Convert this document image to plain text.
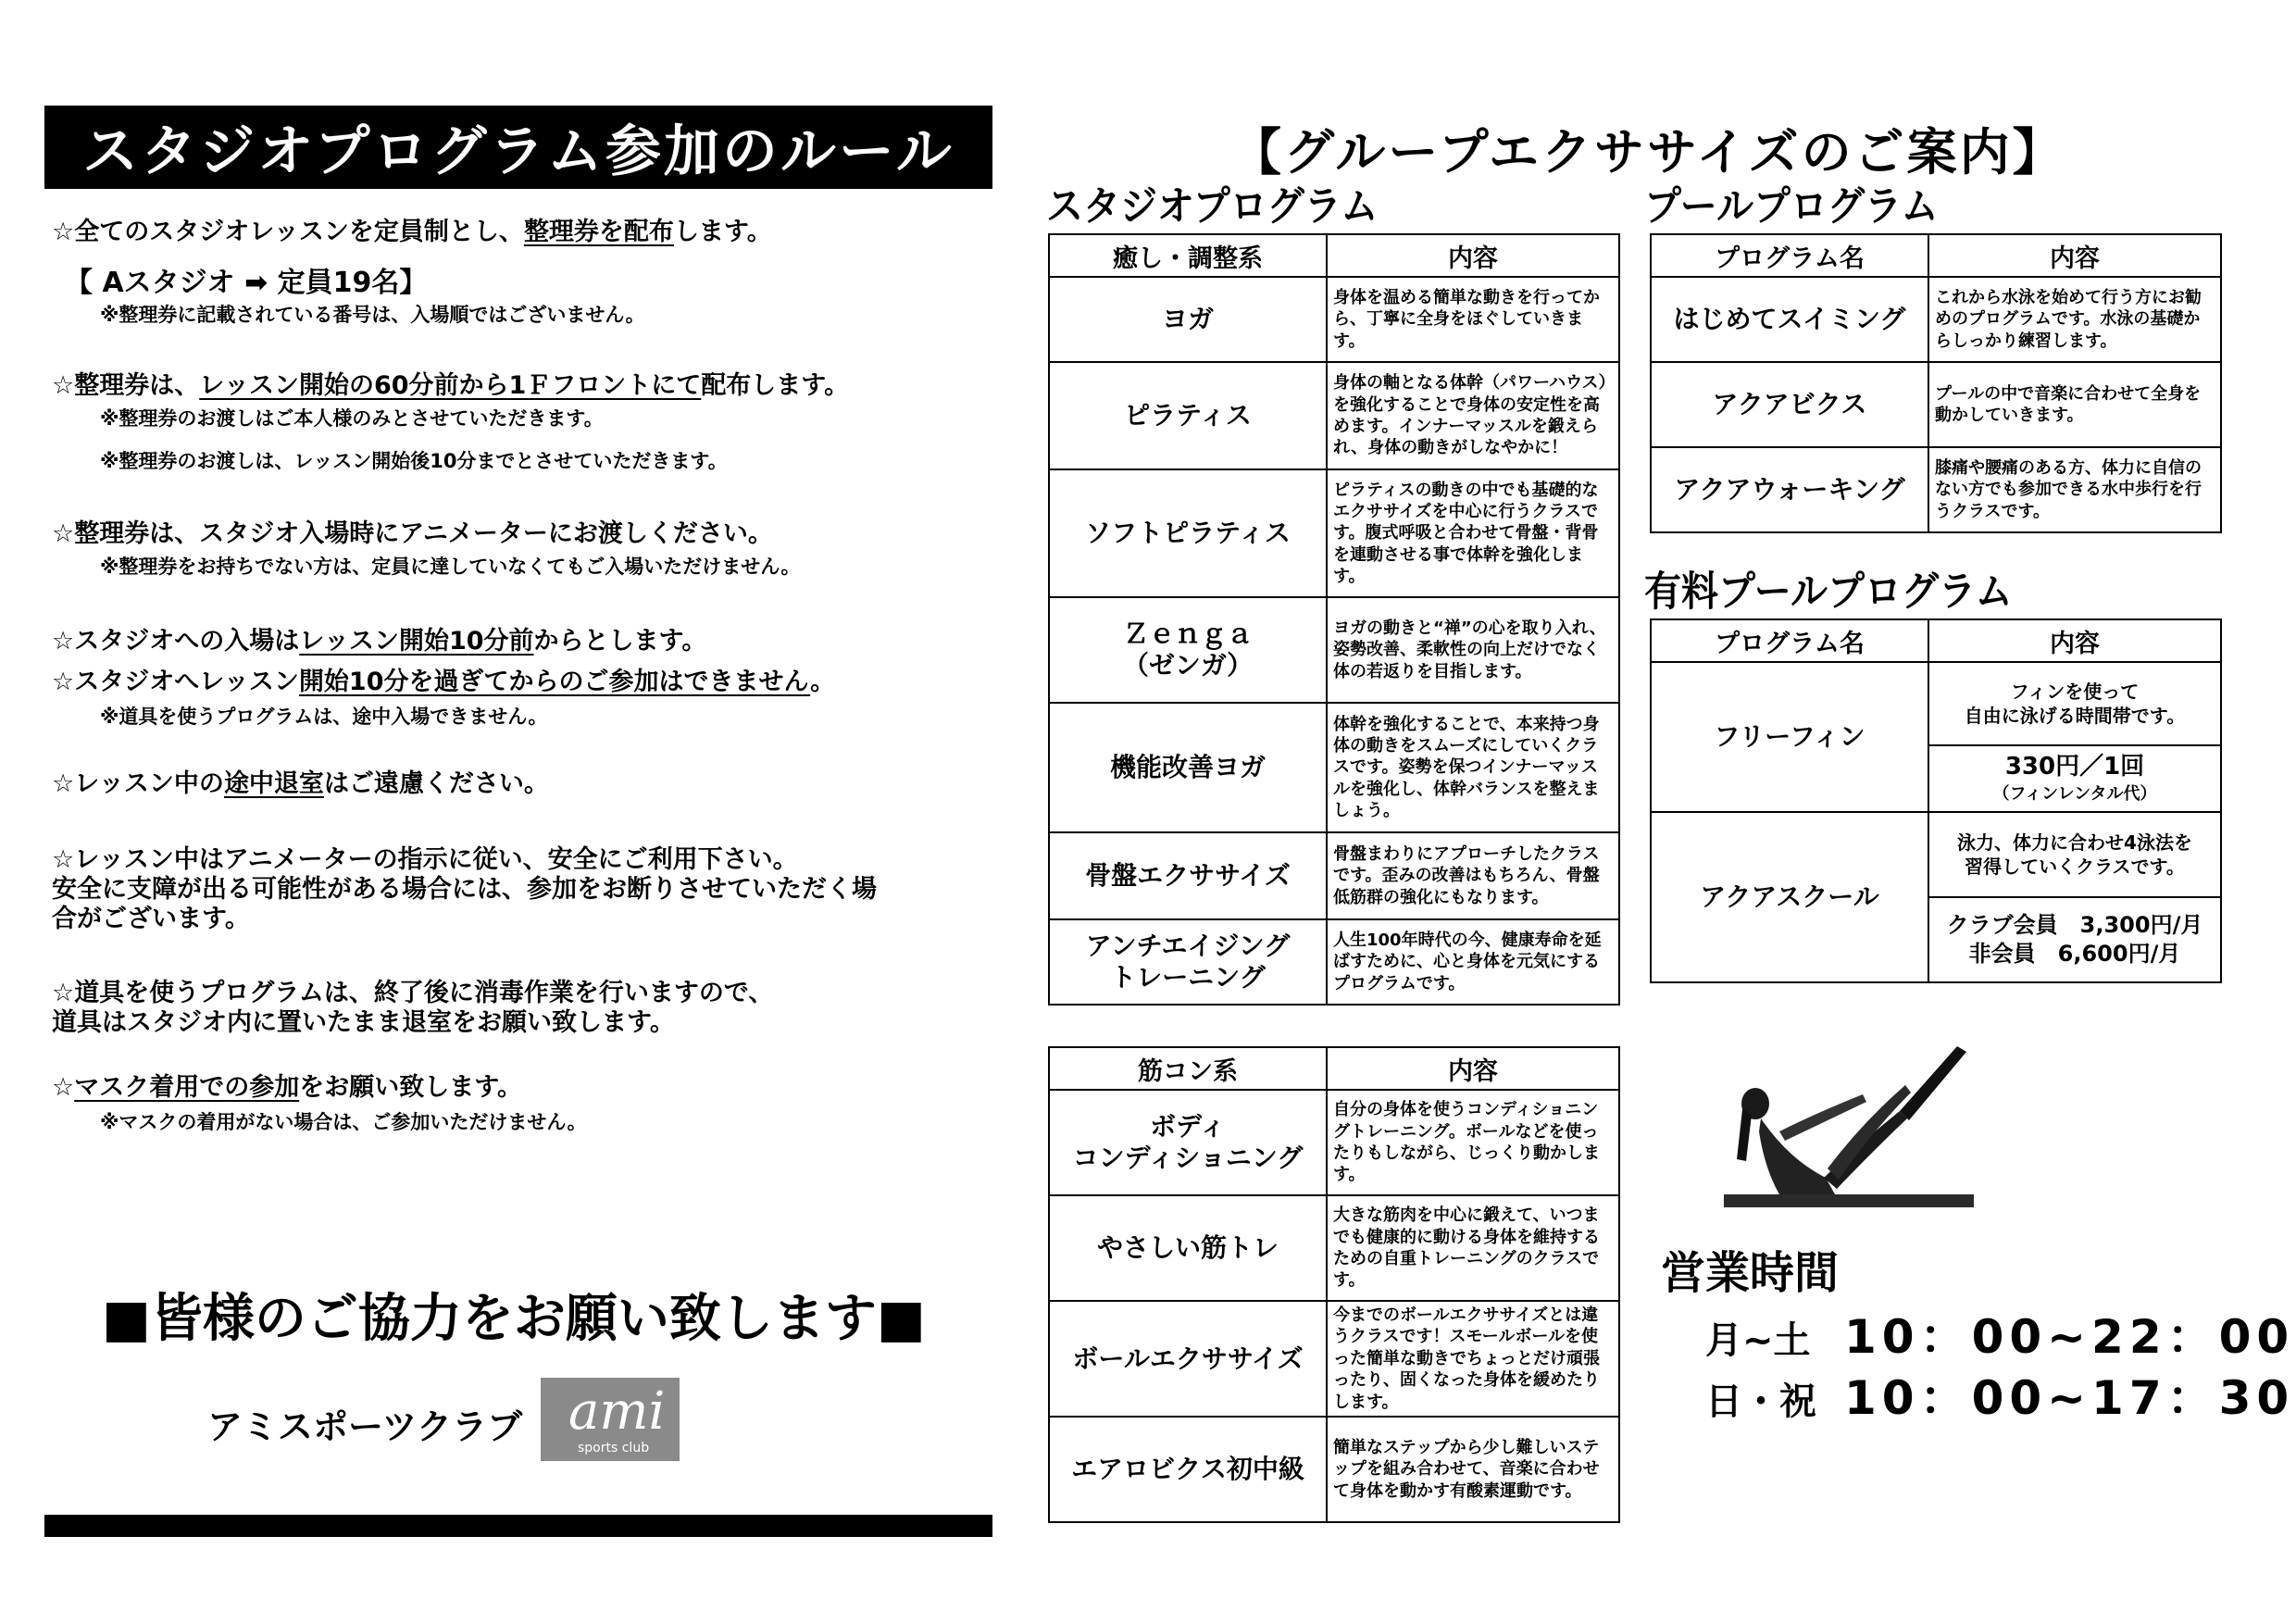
スタジオプログラム参加のルール
☆全てのスタジオレッスンを定員制とし、整理券を配布します。
【 Aスタジオ ➡ 定員19名】
※整理券に記載されている番号は、入場順ではございません。
☆整理券は、レッスン開始の60分前から1Ｆフロントにて配布します。
※整理券のお渡しはご本人様のみとさせていただきます。
※整理券のお渡しは、レッスン開始後10分までとさせていただきます。
☆整理券は、スタジオ入場時にアニメーターにお渡しください。
※整理券をお持ちでない方は、定員に達していなくてもご入場いただけません。
☆スタジオへの入場はレッスン開始10分前からとします。
☆スタジオへレッスン開始10分を過ぎてからのご参加はできません。
※道具を使うプログラムは、途中入場できません。
☆レッスン中の途中退室はご遠慮ください。
☆レッスン中はアニメーターの指示に従い、安全にご利用下さい。
安全に支障が出る可能性がある場合には、参加をお断りさせていただく場
合がございます。
☆道具を使うプログラムは、終了後に消毒作業を行いますので、
道具はスタジオ内に置いたまま退室をお願い致します。
☆マスク着用での参加をお願い致します。
※マスクの着用がない場合は、ご参加いただけません。
■皆様のご協力をお願い致します■
アミスポーツクラブ ami
sports club
【グループエクササイズのご案内】
スタジオプログラム	プールプログラム
有料プールプログラム
癒し・調整系	内容
ヨガ	身体を温める簡単な動きを行ってから、丁寧に全身をほぐしていきます。
ピラティス	身体の軸となる体幹（パワーハウス）を強化することで身体の安定性を高めます。インナーマッスルを鍛えられ、身体の動きがしなやかに！
ソフトピラティス	ピラティスの動きの中でも基礎的なエクササイズを中心に行うクラスです。腹式呼吸と合わせて骨盤・背骨を連動させる事で体幹を強化します。
Ｚｅｎｇａ
（ゼンガ）	ヨガの動きと“禅”の心を取り入れ、姿勢改善、柔軟性の向上だけでなく体の若返りを目指します。
機能改善ヨガ	体幹を強化することで、本来持つ身体の動きをスムーズにしていくクラスです。姿勢を保つインナーマッスルを強化し、体幹バランスを整えましょう。
骨盤エクササイズ	骨盤まわりにアプローチしたクラスです。歪みの改善はもちろん、骨盤低筋群の強化にもなります。
アンチエイジング
トレーニング	人生100年時代の今、健康寿命を延ばすために、心と身体を元気にするプログラムです。
筋コン系	内容
ボディ
コンディショニング	自分の身体を使うコンディショニングトレーニング。ボールなどを使ったりもしながら、じっくり動かします。
やさしい筋トレ	大きな筋肉を中心に鍛えて、いつまでも健康的に動ける身体を維持するための自重トレーニングのクラスです。
ボールエクササイズ	今までのボールエクササイズとは違うクラスです！スモールボールを使った簡単な動きでちょっとだけ頑張ったり、固くなった身体を緩めたりします。
エアロビクス初中級	簡単なステップから少し難しいステップを組み合わせて、音楽に合わせて身体を動かす有酸素運動です。
プログラム名	内容
はじめてスイミング	これから水泳を始めて行う方にお勧めのプログラムです。水泳の基礎からしっかり練習します。
アクアビクス	プールの中で音楽に合わせて全身を動かしていきます。
アクアウォーキング	膝痛や腰痛のある方、体力に自信のない方でも参加できる水中歩行を行うクラスです。
プログラム名	内容
フリーフィン	フィンを使って
自由に泳げる時間帯です。

	330円／1回
（フィンレンタル代）

アクアスクール	泳力、体力に合わせ4泳法を
習得していくクラスです。

	クラブ会員　3,300円/月
非会員　6,600円/月
営業時間
月~土 10：00~22：00
日・祝 10：00~17：30
